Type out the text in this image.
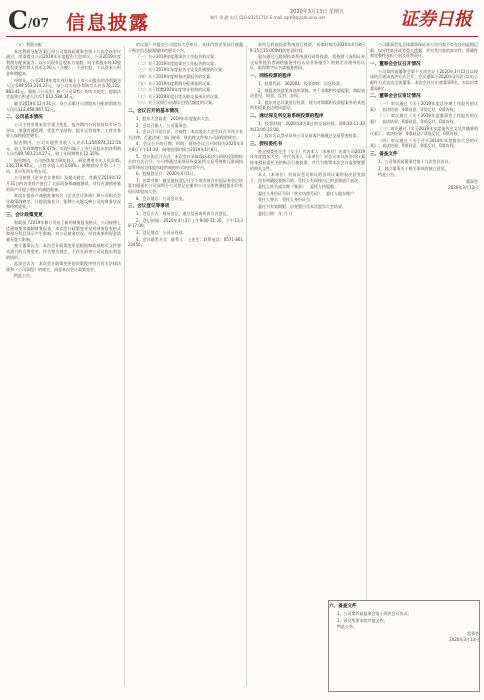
C/07 信息披露	2020年3月13日 星期五
制作 周 鹂 电话 010-83251716 E-mail zqrb9@zqrb.sina.net	证券日报
（五）利润分配
本次利润分配方案已经公司第四届董事会第十九次会议审议通过，尚需提交公司2019年年度股东大会审议。公司2019年度利润分配预案为：以公司现有总股本为基数，向全体股东每10股派发现金红利人民币1.00元（含税），不送红股，不以资本公积金转增股本。
经审计，公司2019年度实现归属于上市公司股东的净利润为人民币89,563,214.27元，母公司实现净利润为人民币76,125,883.41元，根据《公司法》和《公司章程》的有关规定，提取法定盈余公积金人民币7,612,588.34元。
截至2019年12月31日，母公司累计可供股东分配的利润为人民币312,458,967.52元。
二、公司基本情况
公司主营业务未发生重大变化，报告期内公司坚持以市场为导向，加强内部管理，优化产品结构，提升运营效率，主营业务收入保持稳定增长。
报告期内，公司实现营业收入人民币1,256,874,312.56元，较上年同期增长8.47%；实现归属于上市公司股东的净利润人民币89,563,214.27元，较上年同期增长12.35%。
报告期内，公司持续加大研发投入，研发费用支出人民币45,236,118.92元，占营业收入的3.60%，新增授权专利二十三项，其中发明专利五项。
公司按照《企业会计准则》及相关规定，对截至2019年12月31日的各类资产进行了全面清查和减值测试，对存在减值迹象的资产计提了相应的减值准备。
本次计提资产减值准备符合《企业会计准则》和公司相关会计政策的规定，计提依据充分，能够公允地反映公司的财务状况和经营成果。
三、会计政策变更
财政部于2019年修订发布了新的财务报表格式，公司按照上述通知要求编制财务报表，本次会计政策变更仅对财务报表格式和部分科目列示产生影响，对公司财务状况、经营成果和现金流量无重大影响。
独立董事认为：本次会计政策变更是根据财政部相关文件要求进行的合理变更，符合相关规定，不存在损害公司及股东利益的情形。
监事会认为：本次会计政策变更的决策程序符合有关法律法规和《公司章程》的规定，同意本次会计政策变更。
特此公告。
的议案》并提交公司股东大会审议，具体内容详见同日披露于指定信息披露媒体的相关公告。
（一）关于2019年度董事会工作报告的议案；
（二）关于2019年度监事会工作报告的议案；
（三）关于2019年年度报告全文及其摘要的议案；
（四）关于2019年度财务决算报告的议案；
（五）关于2019年度利润分配预案的议案；
（六）关于续聘2020年度审计机构的议案；
（七）关于2020年度日常关联交易预计的议案；
（八）关于向银行申请综合授信额度的议案。
二、会议召开的基本情况
1、股东大会届次：2019年年度股东大会。
2、会议召集人：公司董事会。
3、会议召开的合法、合规性：本次股东大会会议召开符合有关法律、行政法规、部门规章、规范性文件和公司章程的规定。
4、会议召开的日期、时间：现场会议召开时间为2020年4月8日下午14:30；网络投票时间为2020年4月8日。
5、会议的召开方式：本次会议采取现场表决与网络投票相结合的方式召开。公司将通过深圳证券交易所交易系统和互联网投票系统向全体股东提供网络形式的投票平台。
6、股权登记日：2020年4月1日。
7、出席对象：截至股权登记日下午收市时在中国证券登记结算有限责任公司深圳分公司登记在册的公司全体普通股股东均有权出席股东大会。
8、会议地点：公司会议室。
三、会议登记等事项
1、登记方式：现场登记、通过信函或传真方式登记。
2、登记时间：2020年4月3日上午9:00-11:30，下午13:30-17:00。
3、登记地点：公司证券部。
4、会议联系方式：联系人：王先生；联系电话：0571-86123456。
本所互联网投票系统进行投票，具体时间为2020年4月8日9:15至15:00期间的任意时间。
股东通过互联网投票系统进行网络投票，需按照《深圳证券交易所投资者网络服务身份认证业务指引》的规定办理身份认证，取得数字证书或服务密码。
一、网络投票的程序
1、投票代码：362001；投票简称：信息投票。
2、填报表决意见或选举票数。对于非累积投票提案，填报表决意见：同意、反对、弃权。
3、股东对总议案进行投票，视为对除累积投票提案外的其他所有提案表达相同意见。
二、通过深交所交易系统投票的程序
1、投票时间：2020年4月8日的交易时间，即9:30-11:30和13:00-15:00。
2、股东可以登录证券公司交易客户端通过交易系统投票。
三、授权委托书
兹全权委托先生（女士）代表本人（本单位）出席公司2019年年度股东大会，并代表本人（本单位）对会议审议的各项议案按本授权委托书的指示行使投票，并代为签署本次会议需要签署的相关文件。
本人（本单位）对该次会议审议的各项议案的表决意见如下，没有明确投票指示的，受托人有权按自己的意愿进行表决。
委托人姓名或名称（签章）：委托人持股数：
委托人身份证号码（营业执照号码）：委托人股东账户：
受托人签名：受托人身份证号：
委托书有效期限：自签署日至本次股东大会结束。
委托日期：年 月 日
公司董事会及全体董事保证本公告内容不存在任何虚假记载、误导性陈述或者重大遗漏，并对其内容的真实性、准确性和完整性承担个别及连带责任。
一、董事会会议召开情况
公司第四届董事会第十九次会议于2020年3月12日以现场结合通讯表决方式召开，会议通知于2020年3月2日以电子邮件方式送达全体董事。本次会议应出席董事9名，实际出席董事9名。
二、董事会会议审议情况
（一）审议通过《关于2019年度总经理工作报告的议案》；表决结果：9票同意，0票反对，0票弃权。
（二）审议通过《关于2019年度董事会工作报告的议案》；表决结果：9票同意，0票反对，0票弃权。
（三）审议通过《关于2019年年度报告全文及其摘要的议案》；表决结果：9票同意，0票反对，0票弃权。
（四）审议通过《关于召开2019年年度股东大会的议案》；表决结果：9票同意，0票反对，0票弃权。
三、备查文件
1、公司第四届董事会第十九次会议决议；
2、独立董事关于相关事项的独立意见。
特此公告。
董事会
2020年3月13日
六、备查文件
1、公司第四届监事会第十四次会议决议；
2、深交所要求的其他文件。
特此公告。
监事会
2020年3月13日
